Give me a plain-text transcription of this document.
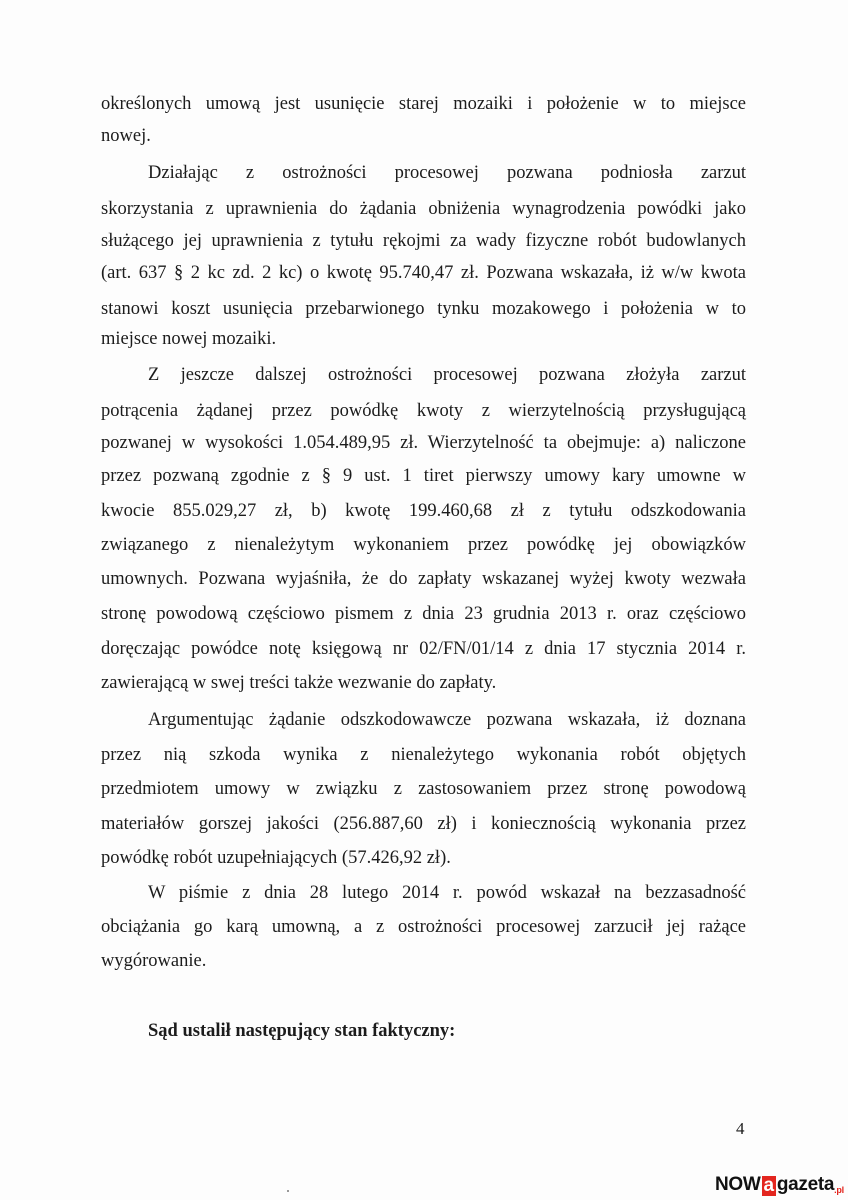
określonych umową jest usunięcie starej mozaiki i położenie w to miejsce
nowej.
Działając z ostrożności procesowej pozwana podniosła zarzut
skorzystania z uprawnienia do żądania obniżenia wynagrodzenia powódki jako
służącego jej uprawnienia z tytułu rękojmi za wady fizyczne robót budowlanych
(art. 637 § 2 kc zd. 2 kc) o kwotę 95.740,47 zł. Pozwana wskazała, iż w/w kwota
stanowi koszt usunięcia przebarwionego tynku mozakowego i położenia w to
miejsce nowej mozaiki.
Z jeszcze dalszej ostrożności procesowej pozwana złożyła zarzut
potrącenia żądanej przez powódkę kwoty z wierzytelnością przysługującą
pozwanej w wysokości 1.054.489,95 zł. Wierzytelność ta obejmuje: a) naliczone
przez pozwaną zgodnie z § 9 ust. 1 tiret pierwszy umowy kary umowne w
kwocie 855.029,27 zł, b) kwotę 199.460,68 zł z tytułu odszkodowania
związanego z nienależytym wykonaniem przez powódkę jej obowiązków
umownych. Pozwana wyjaśniła, że do zapłaty wskazanej wyżej kwoty wezwała
stronę powodową częściowo pismem z dnia 23 grudnia 2013 r. oraz częściowo
doręczając powódce notę księgową nr 02/FN/01/14 z dnia 17 stycznia 2014 r.
zawierającą w swej treści także wezwanie do zapłaty.
Argumentując żądanie odszkodowawcze pozwana wskazała, iż doznana
przez nią szkoda wynika z nienależytego wykonania robót objętych
przedmiotem umowy w związku z zastosowaniem przez stronę powodową
materiałów gorszej jakości (256.887,60 zł) i koniecznością wykonania przez
powódkę robót uzupełniających (57.426,92 zł).
W piśmie z dnia 28 lutego 2014 r. powód wskazał na bezzasadność
obciążania go karą umowną, a z ostrożności procesowej zarzucił jej rażące
wygórowanie.
Sąd ustalił następujący stan faktyczny:
4
NOW a gazeta .pl
